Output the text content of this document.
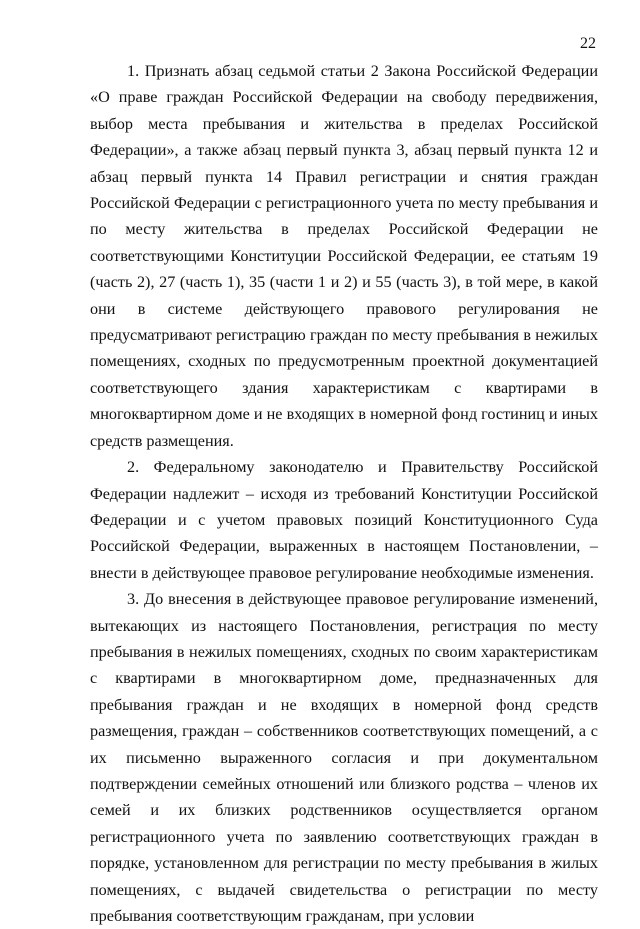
22

1. Признать абзац седьмой статьи 2 Закона Российской Федерации «О праве граждан Российской Федерации на свободу передвижения, выбор места пребывания и жительства в пределах Российской Федерации», а также абзац первый пункта 3, абзац первый пункта 12 и абзац первый пункта 14 Правил регистрации и снятия граждан Российской Федерации с регистрационного учета по месту пребывания и по месту жительства в пределах Российской Федерации не соответствующими Конституции Российской Федерации, ее статьям 19 (часть 2), 27 (часть 1), 35 (части 1 и 2) и 55 (часть 3), в той мере, в какой они в системе действующего правового регулирования не предусматривают регистрацию граждан по месту пребывания в нежилых помещениях, сходных по предусмотренным проектной документацией соответствующего здания характеристикам с квартирами в многоквартирном доме и не входящих в номерной фонд гостиниц и иных средств размещения.

2. Федеральному законодателю и Правительству Российской Федерации надлежит – исходя из требований Конституции Российской Федерации и с учетом правовых позиций Конституционного Суда Российской Федерации, выраженных в настоящем Постановлении, – внести в действующее правовое регулирование необходимые изменения.

3. До внесения в действующее правовое регулирование изменений, вытекающих из настоящего Постановления, регистрация по месту пребывания в нежилых помещениях, сходных по своим характеристикам с квартирами в многоквартирном доме, предназначенных для пребывания граждан и не входящих в номерной фонд средств размещения, граждан – собственников соответствующих помещений, а с их письменно выраженного согласия и при документальном подтверждении семейных отношений или близкого родства – членов их семей и их близких родственников осуществляется органом регистрационного учета по заявлению соответствующих граждан в порядке, установленном для регистрации по месту пребывания в жилых помещениях, с выдачей свидетельства о регистрации по месту пребывания соответствующим гражданам, при условии
